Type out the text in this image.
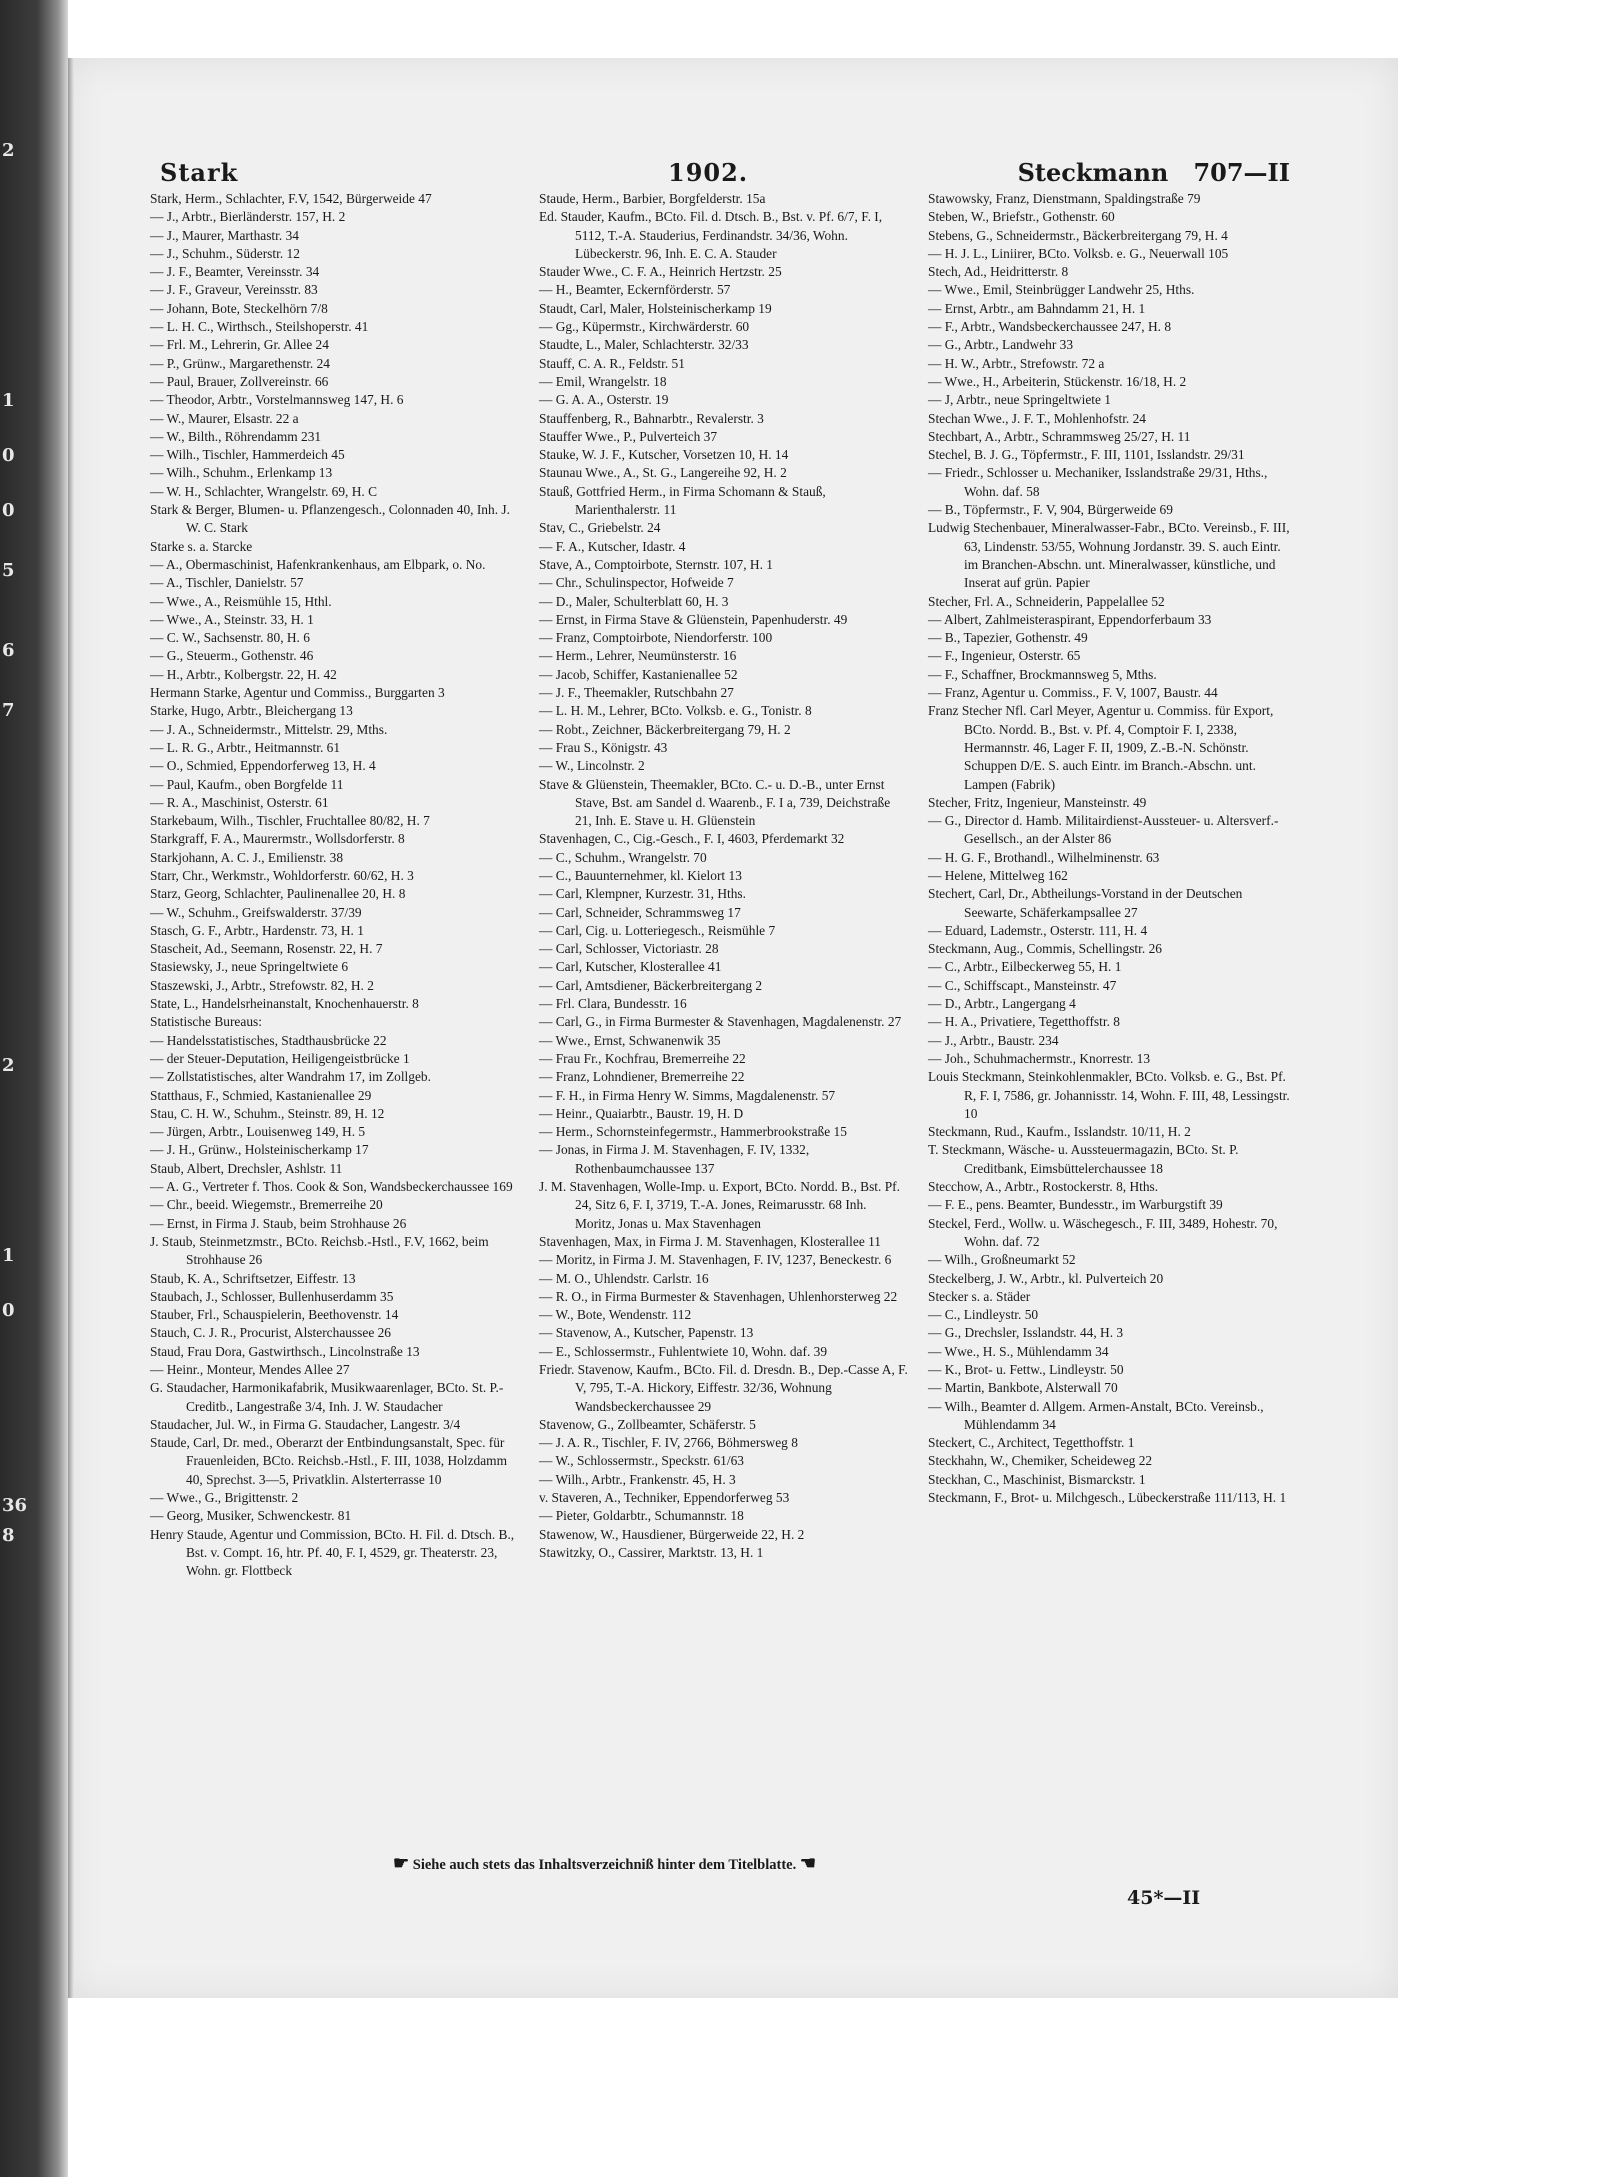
2
1
0
0
5
6
7
2
1
0
36
8
Stark	1902.	Steckmann 707—II
Stark, Herm., Schlachter, F.V, 1542, Bürgerweide 47
— J., Arbtr., Bierländerstr. 157, H. 2
— J., Maurer, Marthastr. 34
— J., Schuhm., Süderstr. 12
— J. F., Beamter, Vereinsstr. 34
— J. F., Graveur, Vereinsstr. 83
— Johann, Bote, Steckelhörn 7/8
— L. H. C., Wirthsch., Steilshoperstr. 41
— Frl. M., Lehrerin, Gr. Allee 24
— P., Grünw., Margarethenstr. 24
— Paul, Brauer, Zollvereinstr. 66
— Theodor, Arbtr., Vorstelmannsweg 147, H. 6
— W., Maurer, Elsastr. 22 a
— W., Bilth., Röhrendamm 231
— Wilh., Tischler, Hammerdeich 45
— Wilh., Schuhm., Erlenkamp 13
— W. H., Schlachter, Wrangelstr. 69, H. C
Stark & Berger, Blumen- u. Pflanzengesch., Colonnaden 40, Inh. J. W. C. Stark
Starke s. a. Starcke
— A., Obermaschinist, Hafenkrankenhaus, am Elbpark, o. No.
— A., Tischler, Danielstr. 57
— Wwe., A., Reismühle 15, Hthl.
— Wwe., A., Steinstr. 33, H. 1
— C. W., Sachsenstr. 80, H. 6
— G., Steuerm., Gothenstr. 46
— H., Arbtr., Kolbergstr. 22, H. 42
Hermann Starke, Agentur und Commiss., Burggarten 3
Starke, Hugo, Arbtr., Bleichergang 13
— J. A., Schneidermstr., Mittelstr. 29, Mths.
— L. R. G., Arbtr., Heitmannstr. 61
— O., Schmied, Eppendorferweg 13, H. 4
— Paul, Kaufm., oben Borgfelde 11
— R. A., Maschinist, Osterstr. 61
Starkebaum, Wilh., Tischler, Fruchtallee 80/82, H. 7
Starkgraff, F. A., Maurermstr., Wollsdorferstr. 8
Starkjohann, A. C. J., Emilienstr. 38
Starr, Chr., Werkmstr., Wohldorferstr. 60/62, H. 3
Starz, Georg, Schlachter, Paulinenallee 20, H. 8
— W., Schuhm., Greifswalderstr. 37/39
Stasch, G. F., Arbtr., Hardenstr. 73, H. 1
Stascheit, Ad., Seemann, Rosenstr. 22, H. 7
Stasiewsky, J., neue Springeltwiete 6
Staszewski, J., Arbtr., Strefowstr. 82, H. 2
State, L., Handelsrheinanstalt, Knochenhauerstr. 8
Statistische Bureaus:
— Handelsstatistisches, Stadthausbrücke 22
— der Steuer-Deputation, Heiligengeistbrücke 1
— Zollstatistisches, alter Wandrahm 17, im Zollgeb.
Statthaus, F., Schmied, Kastanienallee 29
Stau, C. H. W., Schuhm., Steinstr. 89, H. 12
— Jürgen, Arbtr., Louisenweg 149, H. 5
— J. H., Grünw., Holsteinischerkamp 17
Staub, Albert, Drechsler, Ashlstr. 11
— A. G., Vertreter f. Thos. Cook & Son, Wandsbeckerchaussee 169
— Chr., beeid. Wiegemstr., Bremerreihe 20
— Ernst, in Firma J. Staub, beim Strohhause 26
J. Staub, Steinmetzmstr., BCto. Reichsb.-Hstl., F.V, 1662, beim Strohhause 26
Staub, K. A., Schriftsetzer, Eiffestr. 13
Staubach, J., Schlosser, Bullenhuserdamm 35
Stauber, Frl., Schauspielerin, Beethovenstr. 14
Stauch, C. J. R., Procurist, Alsterchaussee 26
Staud, Frau Dora, Gastwirthsch., Lincolnstraße 13
— Heinr., Monteur, Mendes Allee 27
G. Staudacher, Harmonikafabrik, Musikwaarenlager, BCto. St. P.-Creditb., Langestraße 3/4, Inh. J. W. Staudacher
Staudacher, Jul. W., in Firma G. Staudacher, Langestr. 3/4
Staude, Carl, Dr. med., Oberarzt der Entbindungsanstalt, Spec. für Frauenleiden, BCto. Reichsb.-Hstl., F. III, 1038, Holzdamm 40, Sprechst. 3—5, Privatklin. Alsterterrasse 10
— Wwe., G., Brigittenstr. 2
— Georg, Musiker, Schwenckestr. 81
Henry Staude, Agentur und Commission, BCto. H. Fil. d. Dtsch. B., Bst. v. Compt. 16, htr. Pf. 40, F. I, 4529, gr. Theaterstr. 23, Wohn. gr. Flottbeck
Staude, Herm., Barbier, Borgfelderstr. 15a
Ed. Stauder, Kaufm., BCto. Fil. d. Dtsch. B., Bst. v. Pf. 6/7, F. I, 5112, T.-A. Stauderius, Ferdinandstr. 34/36, Wohn. Lübeckerstr. 96, Inh. E. C. A. Stauder
Stauder Wwe., C. F. A., Heinrich Hertzstr. 25
— H., Beamter, Eckernförderstr. 57
Staudt, Carl, Maler, Holsteinischerkamp 19
— Gg., Küpermstr., Kirchwärderstr. 60
Staudte, L., Maler, Schlachterstr. 32/33
Stauff, C. A. R., Feldstr. 51
— Emil, Wrangelstr. 18
— G. A. A., Osterstr. 19
Stauffenberg, R., Bahnarbtr., Revalerstr. 3
Stauffer Wwe., P., Pulverteich 37
Stauke, W. J. F., Kutscher, Vorsetzen 10, H. 14
Staunau Wwe., A., St. G., Langereihe 92, H. 2
Stauß, Gottfried Herm., in Firma Schomann & Stauß, Marienthalerstr. 11
Stav, C., Griebelstr. 24
— F. A., Kutscher, Idastr. 4
Stave, A., Comptoirbote, Sternstr. 107, H. 1
— Chr., Schulinspector, Hofweide 7
— D., Maler, Schulterblatt 60, H. 3
— Ernst, in Firma Stave & Glüenstein, Papenhuderstr. 49
— Franz, Comptoirbote, Niendorferstr. 100
— Herm., Lehrer, Neumünsterstr. 16
— Jacob, Schiffer, Kastanienallee 52
— J. F., Theemakler, Rutschbahn 27
— L. H. M., Lehrer, BCto. Volksb. e. G., Tonistr. 8
— Robt., Zeichner, Bäckerbreitergang 79, H. 2
— Frau S., Königstr. 43
— W., Lincolnstr. 2
Stave & Glüenstein, Theemakler, BCto. C.- u. D.-B., unter Ernst Stave, Bst. am Sandel d. Waarenb., F. I a, 739, Deichstraße 21, Inh. E. Stave u. H. Glüenstein
Stavenhagen, C., Cig.-Gesch., F. I, 4603, Pferdemarkt 32
— C., Schuhm., Wrangelstr. 70
— C., Bauunternehmer, kl. Kielort 13
— Carl, Klempner, Kurzestr. 31, Hths.
— Carl, Schneider, Schrammsweg 17
— Carl, Cig. u. Lotteriegesch., Reismühle 7
— Carl, Schlosser, Victoriastr. 28
— Carl, Kutscher, Klosterallee 41
— Carl, Amtsdiener, Bäckerbreitergang 2
— Frl. Clara, Bundesstr. 16
— Carl, G., in Firma Burmester & Stavenhagen, Magdalenenstr. 27
— Wwe., Ernst, Schwanenwik 35
— Frau Fr., Kochfrau, Bremerreihe 22
— Franz, Lohndiener, Bremerreihe 22
— F. H., in Firma Henry W. Simms, Magdalenenstr. 57
— Heinr., Quaiarbtr., Baustr. 19, H. D
— Herm., Schornsteinfegermstr., Hammerbrookstraße 15
— Jonas, in Firma J. M. Stavenhagen, F. IV, 1332, Rothenbaumchaussee 137
J. M. Stavenhagen, Wolle-Imp. u. Export, BCto. Nordd. B., Bst. Pf. 24, Sitz 6, F. I, 3719, T.-A. Jones, Reimarusstr. 68 Inh. Moritz, Jonas u. Max Stavenhagen
Stavenhagen, Max, in Firma J. M. Stavenhagen, Klosterallee 11
— Moritz, in Firma J. M. Stavenhagen, F. IV, 1237, Beneckestr. 6
— M. O., Uhlendstr. Carlstr. 16
— R. O., in Firma Burmester & Stavenhagen, Uhlenhorsterweg 22
— W., Bote, Wendenstr. 112
— Stavenow, A., Kutscher, Papenstr. 13
— E., Schlossermstr., Fuhlentwiete 10, Wohn. daf. 39
Friedr. Stavenow, Kaufm., BCto. Fil. d. Dresdn. B., Dep.-Casse A, F. V, 795, T.-A. Hickory, Eiffestr. 32/36, Wohnung Wandsbeckerchaussee 29
Stavenow, G., Zollbeamter, Schäferstr. 5
— J. A. R., Tischler, F. IV, 2766, Böhmersweg 8
— W., Schlossermstr., Speckstr. 61/63
— Wilh., Arbtr., Frankenstr. 45, H. 3
v. Staveren, A., Techniker, Eppendorferweg 53
— Pieter, Goldarbtr., Schumannstr. 18
Stawenow, W., Hausdiener, Bürgerweide 22, H. 2
Stawitzky, O., Cassirer, Marktstr. 13, H. 1
Stawowsky, Franz, Dienstmann, Spaldingstraße 79
Steben, W., Briefstr., Gothenstr. 60
Stebens, G., Schneidermstr., Bäckerbreitergang 79, H. 4
— H. J. L., Liniirer, BCto. Volksb. e. G., Neuerwall 105
Stech, Ad., Heidritterstr. 8
— Wwe., Emil, Steinbrügger Landwehr 25, Hths.
— Ernst, Arbtr., am Bahndamm 21, H. 1
— F., Arbtr., Wandsbeckerchaussee 247, H. 8
— G., Arbtr., Landwehr 33
— H. W., Arbtr., Strefowstr. 72 a
— Wwe., H., Arbeiterin, Stückenstr. 16/18, H. 2
— J, Arbtr., neue Springeltwiete 1
Stechan Wwe., J. F. T., Mohlenhofstr. 24
Stechbart, A., Arbtr., Schrammsweg 25/27, H. 11
Stechel, B. J. G., Töpfermstr., F. III, 1101, Isslandstr. 29/31
— Friedr., Schlosser u. Mechaniker, Isslandstraße 29/31, Hths., Wohn. daf. 58
— B., Töpfermstr., F. V, 904, Bürgerweide 69
Ludwig Stechenbauer, Mineralwasser-Fabr., BCto. Vereinsb., F. III, 63, Lindenstr. 53/55, Wohnung Jordanstr. 39. S. auch Eintr. im Branchen-Abschn. unt. Mineralwasser, künstliche, und Inserat auf grün. Papier
Stecher, Frl. A., Schneiderin, Pappelallee 52
— Albert, Zahlmeisteraspirant, Eppendorferbaum 33
— B., Tapezier, Gothenstr. 49
— F., Ingenieur, Osterstr. 65
— F., Schaffner, Brockmannsweg 5, Mths.
— Franz, Agentur u. Commiss., F. V, 1007, Baustr. 44
Franz Stecher Nfl. Carl Meyer, Agentur u. Commiss. für Export, BCto. Nordd. B., Bst. v. Pf. 4, Comptoir F. I, 2338, Hermannstr. 46, Lager F. II, 1909, Z.-B.-N. Schönstr. Schuppen D/E. S. auch Eintr. im Branch.-Abschn. unt. Lampen (Fabrik)
Stecher, Fritz, Ingenieur, Mansteinstr. 49
— G., Director d. Hamb. Militairdienst-Aussteuer- u. Altersverf.-Gesellsch., an der Alster 86
— H. G. F., Brothandl., Wilhelminenstr. 63
— Helene, Mittelweg 162
Stechert, Carl, Dr., Abtheilungs-Vorstand in der Deutschen Seewarte, Schäferkampsallee 27
— Eduard, Lademstr., Osterstr. 111, H. 4
Steckmann, Aug., Commis, Schellingstr. 26
— C., Arbtr., Eilbeckerweg 55, H. 1
— C., Schiffscapt., Mansteinstr. 47
— D., Arbtr., Langergang 4
— H. A., Privatiere, Tegetthoffstr. 8
— J., Arbtr., Baustr. 234
— Joh., Schuhmachermstr., Knorrestr. 13
Louis Steckmann, Steinkohlenmakler, BCto. Volksb. e. G., Bst. Pf. R, F. I, 7586, gr. Johannisstr. 14, Wohn. F. III, 48, Lessingstr. 10
Steckmann, Rud., Kaufm., Isslandstr. 10/11, H. 2
T. Steckmann, Wäsche- u. Aussteuermagazin, BCto. St. P. Creditbank, Eimsbüttelerchaussee 18
Stecchow, A., Arbtr., Rostockerstr. 8, Hths.
— F. E., pens. Beamter, Bundesstr., im Warburgstift 39
Steckel, Ferd., Wollw. u. Wäschegesch., F. III, 3489, Hohestr. 70, Wohn. daf. 72
— Wilh., Großneumarkt 52
Steckelberg, J. W., Arbtr., kl. Pulverteich 20
Stecker s. a. Städer
— C., Lindleystr. 50
— G., Drechsler, Isslandstr. 44, H. 3
— Wwe., H. S., Mühlendamm 34
— K., Brot- u. Fettw., Lindleystr. 50
— Martin, Bankbote, Alsterwall 70
— Wilh., Beamter d. Allgem. Armen-Anstalt, BCto. Vereinsb., Mühlendamm 34
Steckert, C., Architect, Tegetthoffstr. 1
Steckhahn, W., Chemiker, Scheideweg 22
Steckhan, C., Maschinist, Bismarckstr. 1
Steckmann, F., Brot- u. Milchgesch., Lübeckerstraße 111/113, H. 1
☛ Siehe auch stets das Inhaltsverzeichniß hinter dem Titelblatte. ☚
45*—II
